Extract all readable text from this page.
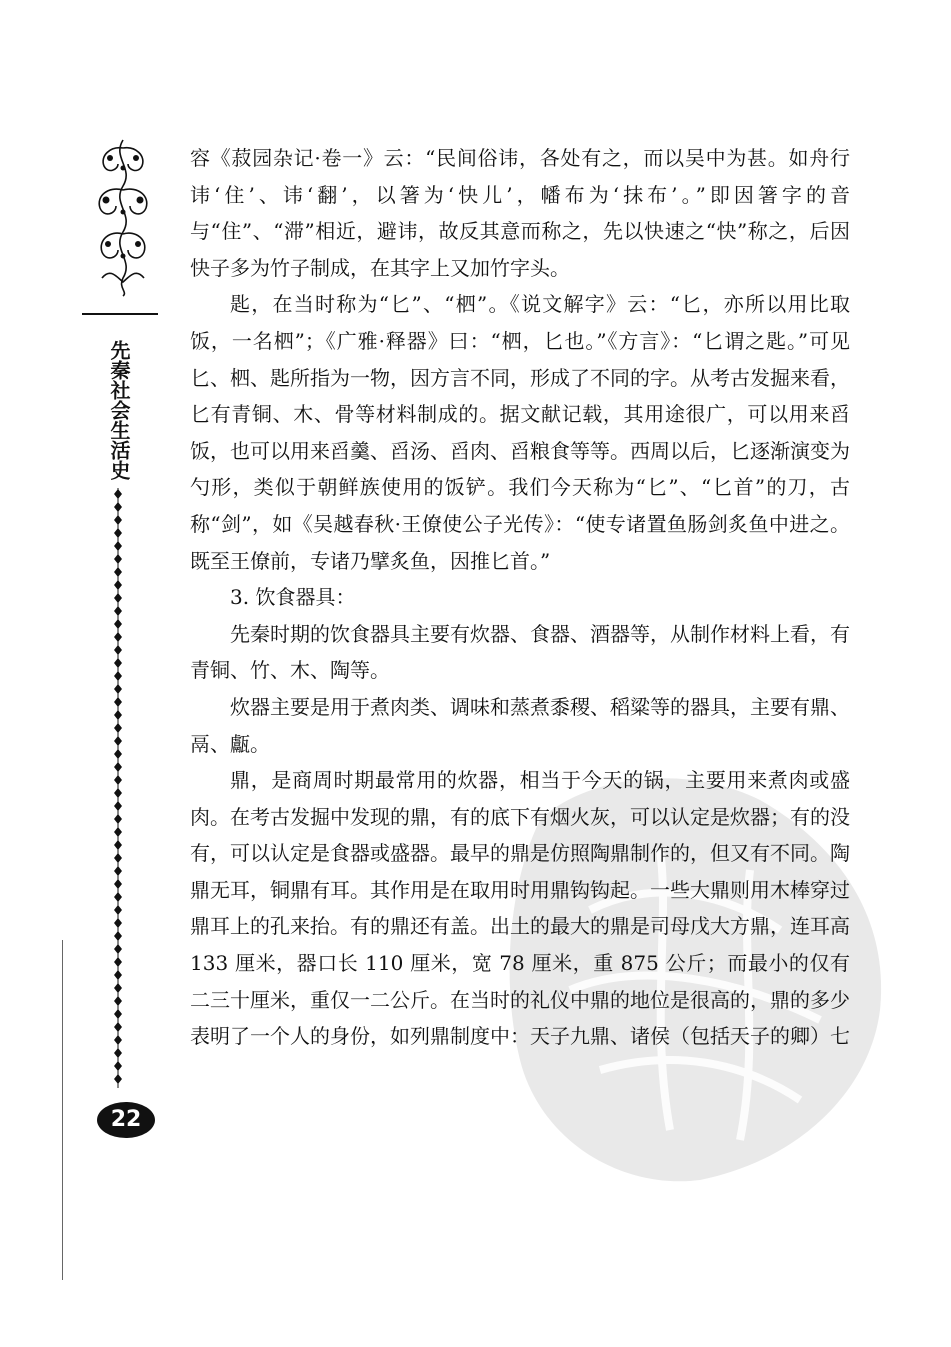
先秦社会生活史
22

容《菽园杂记·卷一》云：“民间俗讳，各处有之，而以吴中为甚。如舟行讳‘住’、讳‘翻’，以箸为‘快儿’，幡布为‘抹布’。”即因箸字的音与“住”、“滞”相近，避讳，故反其意而称之，先以快速之“快”称之，后因快子多为竹子制成，在其字上又加竹字头。

匙，在当时称为“匕”、“柶”。《说文解字》云：“匕，亦所以用比取饭，一名柶”；《广雅·释器》曰：“柶，匕也。”《方言》：“匕谓之匙。”可见匕、柶、匙所指为一物，因方言不同，形成了不同的字。从考古发掘来看，匕有青铜、木、骨等材料制成的。据文献记载，其用途很广，可以用来舀饭，也可以用来舀羹、舀汤、舀肉、舀粮食等等。西周以后，匕逐渐演变为勺形，类似于朝鲜族使用的饭铲。我们今天称为“匕”、“匕首”的刀，古称“剑”，如《吴越春秋·王僚使公子光传》：“使专诸置鱼肠剑炙鱼中进之。既至王僚前，专诸乃擘炙鱼，因推匕首。”

3. 饮食器具：

先秦时期的饮食器具主要有炊器、食器、酒器等，从制作材料上看，有青铜、竹、木、陶等。

炊器主要是用于煮肉类、调味和蒸煮黍稷、稻粱等的器具，主要有鼎、鬲、甗。

鼎，是商周时期最常用的炊器，相当于今天的锅，主要用来煮肉或盛肉。在考古发掘中发现的鼎，有的底下有烟火灰，可以认定是炊器；有的没有，可以认定是食器或盛器。最早的鼎是仿照陶鼎制作的，但又有不同。陶鼎无耳，铜鼎有耳。其作用是在取用时用鼎钩钩起。一些大鼎则用木棒穿过鼎耳上的孔来抬。有的鼎还有盖。出土的最大的鼎是司母戊大方鼎，连耳高 133 厘米，器口长 110 厘米，宽 78 厘米，重 875 公斤；而最小的仅有二三十厘米，重仅一二公斤。在当时的礼仪中鼎的地位是很高的，鼎的多少表明了一个人的身份，如列鼎制度中：天子九鼎、诸侯（包括天子的卿）七
